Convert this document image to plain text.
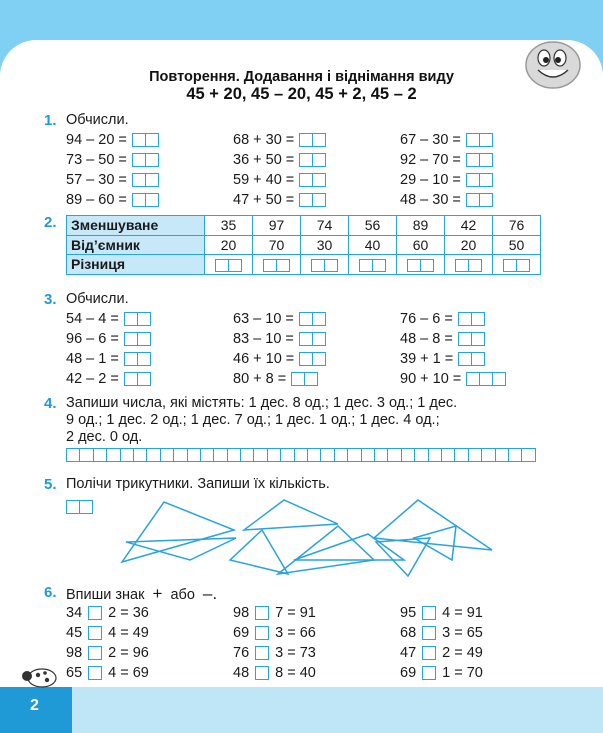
Повторення. Додавання і віднімання виду
45 + 20, 45 – 20, 45 + 2, 45 – 2
1. Обчисли.
94 – 20 =
73 – 50 =
57 – 30 =
89 – 60 =
68 + 30 =
36 + 50 =
59 + 40 =
47 + 50 =
67 – 30 =
92 – 70 =
29 – 10 =
48 – 30 =
2. Зменшуване	35	97	74	56	89	42	76
Від’ємник	20	70	30	40	60	20	50
Різниця	

3. Обчисли.
54 – 4 =
96 – 6 =
48 – 1 =
42 – 2 =
63 – 10 =
83 – 10 =
46 + 10 =
80 + 8 =
76 – 6 =
48 – 8 =
39 + 1 =
90 + 10 =
4. Запиши числа, які містять: 1 дес. 8 од.; 1 дес. 3 од.; 1 дес.
9 од.; 1 дес. 2 од.; 1 дес. 7 од.; 1 дес. 1 од.; 1 дес. 4 од.;
2 дес. 0 од.
5. Полічи трикутники. Запиши їх кількість.
6. Впиши знак + або –.
34 2 = 36
45 4 = 49
98 2 = 96
65 4 = 69
98 7 = 91
69 3 = 66
76 3 = 73
48 8 = 40
95 4 = 91
68 3 = 65
47 2 = 49
69 1 = 70
2
